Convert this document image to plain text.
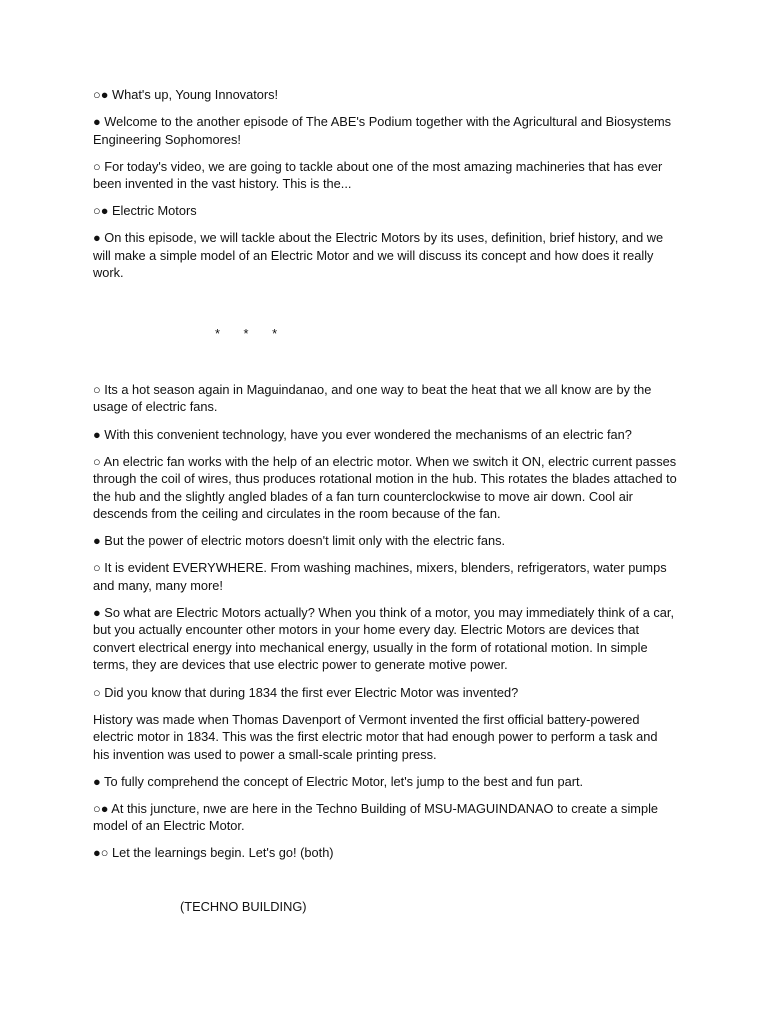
○● What's up, Young Innovators!

● Welcome to the another episode of The ABE's Podium together with the Agricultural and Biosystems Engineering Sophomores!

○ For today's video, we are going to tackle about one of the most amazing machineries that has ever been invented in the vast history. This is the...

○● Electric Motors

● On this episode, we will tackle about the Electric Motors by its uses, definition, brief history, and we will make a simple model of an Electric Motor and we will discuss its concept and how does it really work.

* * *

○ Its a hot season again in Maguindanao, and one way to beat the heat that we all know are by the usage of electric fans.

● With this convenient technology, have you ever wondered the mechanisms of an electric fan?

○ An electric fan works with the help of an electric motor. When we switch it ON, electric current passes through the coil of wires, thus produces rotational motion in the hub. This rotates the blades attached to the hub and the slightly angled blades of a fan turn counterclockwise to move air down. Cool air descends from the ceiling and circulates in the room because of the fan.

● But the power of electric motors doesn't limit only with the electric fans.

○ It is evident EVERYWHERE. From washing machines, mixers, blenders, refrigerators, water pumps and many, many more!

● So what are Electric Motors actually? When you think of a motor, you may immediately think of a car, but you actually encounter other motors in your home every day. Electric Motors are devices that convert electrical energy into mechanical energy, usually in the form of rotational motion. In simple terms, they are devices that use electric power to generate motive power.

○ Did you know that during 1834 the first ever Electric Motor was invented?

History was made when Thomas Davenport of Vermont invented the first official battery-powered electric motor in 1834. This was the first electric motor that had enough power to perform a task and his invention was used to power a small-scale printing press.

● To fully comprehend the concept of Electric Motor, let's jump to the best and fun part.

○● At this juncture, nwe are here in the Techno Building of MSU-MAGUINDANAO to create a simple model of an Electric Motor.

●○ Let the learnings begin. Let's go! (both)

(TECHNO BUILDING)
